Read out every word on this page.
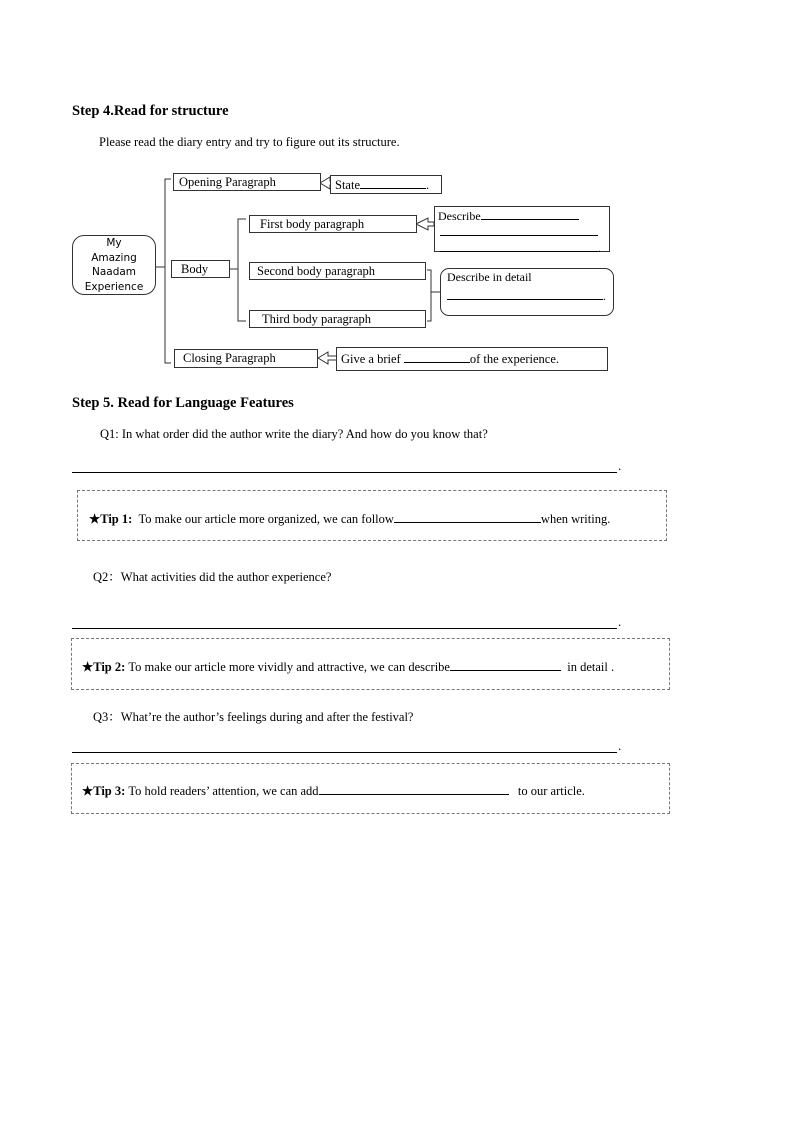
Step 4.Read for structure
Please read the diary entry and try to figure out its structure.
My
Amazing
Naadam
Experience
Opening Paragraph	State	.
Body
First body paragraph
Describe
.
Second body paragraph
Third body paragraph
Describe in detail
.
Closing Paragraph	Give a brief	of the experience.
Step 5. Read for Language Features
Q1: In what order did the author write the diary? And how do you know that?
.
★Tip 1: To make our article more organized, we can follow	when writing.
Q2：What activities did the author experience?
.
★Tip 2: To make our article more vividly and attractive, we can describe	in detail .
Q3：What’re the author’s feelings during and after the festival?
.
★Tip 3: To hold readers’ attention, we can add	to our article.
